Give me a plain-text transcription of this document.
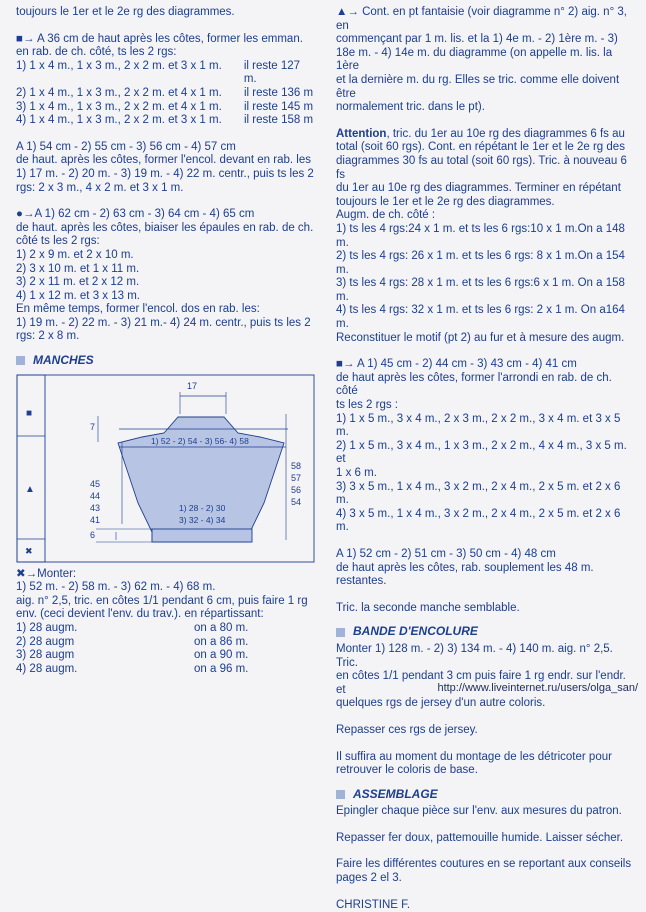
toujours le 1er et le 2e rg des diagrammes.

■→ A 36 cm de haut après les côtes, former les emman. en rab. de ch. côté, ts les 2 rgs:

1) 1 x 4 m., 1 x 3 m., 2 x 2 m. et 3 x 1 m.	il reste 127 m.
2) 1 x 4 m., 1 x 3 m., 2 x 2 m. et 4 x 1 m.	il reste 136 m
3) 1 x 4 m., 1 x 3 m., 2 x 2 m. et 4 x 1 m.	il reste 145 m
4) 1 x 4 m., 1 x 3 m., 2 x 2 m. et 3 x 1 m.	il reste 158 m

A 1) 54 cm - 2) 55 cm - 3) 56 cm - 4) 57 cm
de haut. après les côtes, former l'encol. devant en rab. les
1) 17 m. - 2) 20 m. - 3) 19 m. - 4) 22 m. centr., puis ts les 2
rgs: 2 x 3 m., 4 x 2 m. et 3 x 1 m.

●→A 1) 62 cm - 2) 63 cm - 3) 64 cm - 4) 65 cm
de haut. après les côtes, biaiser les épaules en rab. de ch.
côté ts les 2 rgs:

1) 2 x 9 m. et 2 x 10 m.

2) 3 x 10 m. et 1 x 11 m.

3) 2 x 11 m. et 2 x 12 m.

4) 1 x 12 m. et 3 x 13 m.

En même temps, former l'encol. dos en rab. les:
1) 19 m. - 2) 22 m. - 3) 21 m.- 4) 24 m. centr., puis ts les 2
rgs: 2 x 8 m.

MANCHES
17
7
1) 52 - 2) 54 - 3) 56- 4) 58
45
44
43
41
58
57
56
54
1) 28 - 2) 30
3) 32 - 4) 34
6
■
▲
✖

✖→Monter:

1) 52 m. - 2) 58 m. - 3) 62 m. - 4) 68 m.
aig. n° 2,5, tric. en côtes 1/1 pendant 6 cm, puis faire 1 rg
env. (ceci devient l'env. du trav.). en répartissant:

1) 28 augm.	on a 80 m.
2) 28 augm	on a 86 m.
3) 28 augm	on a 90 m.
4) 28 augm.	on a 96 m.

▲→ Cont. en pt fantaisie (voir diagramme n° 2) aig. n° 3, en
commençant par 1 m. lis. et la 1) 4e m. - 2) 1ère m. - 3)
18e m. - 4) 14e m. du diagramme (on appelle m. lis. la 1ère
et la dernière m. du rg. Elles se tric. comme elle doivent être
normalement tric. dans le pt).

Attention, tric. du 1er au 10e rg des diagrammes 6 fs au
total (soit 60 rgs). Cont. en répétant le 1er et le 2e rg des
diagrammes 30 fs au total (soit 60 rgs). Tric. à nouveau 6 fs
du 1er au 10e rg des diagrammes. Terminer en répétant
toujours le 1er et le 2e rg des diagrammes.
Augm. de ch. côté :

1) ts les 4 rgs:24 x 1 m. et ts les 6 rgs:10 x 1 m.On a 148 m.

2) ts les 4 rgs: 26 x 1 m. et ts les 6 rgs: 8 x 1 m.On a 154 m.

3) ts les 4 rgs: 28 x 1 m. et ts les 6 rgs:6 x 1 m. On a 158 m.

4) ts les 4 rgs: 32 x 1 m. et ts les 6 rgs: 2 x 1 m. On a164 m.

Reconstituer le motif (pt 2) au fur et à mesure des augm.

■→ A 1) 45 cm - 2) 44 cm - 3) 43 cm - 4) 41 cm
de haut après les côtes, former l'arrondi en rab. de ch. côté
ts les 2 rgs :

1) 1 x 5 m., 3 x 4 m., 2 x 3 m., 2 x 2 m., 3 x 4 m. et 3 x 5 m.

2) 1 x 5 m., 3 x 4 m., 1 x 3 m., 2 x 2 m., 4 x 4 m., 3 x 5 m. et
1 x 6 m.

3) 3 x 5 m., 1 x 4 m., 3 x 2 m., 2 x 4 m., 2 x 5 m. et 2 x 6 m.

4) 3 x 5 m., 1 x 4 m., 3 x 2 m., 2 x 4 m., 2 x 5 m. et 2 x 6 m.

A 1) 52 cm - 2) 51 cm - 3) 50 cm - 4) 48 cm
de haut après les côtes, rab. souplement les 48 m.
restantes.

Tric. la seconde manche semblable.

BANDE D'ENCOLURE

Monter 1) 128 m. - 2) 3) 134 m. - 4) 140 m. aig. n° 2,5. Tric.
en côtes 1/1 pendant 3 cm puis faire 1 rg endr. sur l'endr. et
quelques rgs de jersey d'un autre coloris.

Repasser ces rgs de jersey.

Il suffira au moment du montage de les détricoter pour
retrouver le coloris de base.

ASSEMBLAGE

Epingler chaque pièce sur l'env. aux mesures du patron.

Repasser fer doux, pattemouille humide. Laisser sécher.

Faire les différentes coutures en se reportant aux conseils
pages 2 el 3.

CHRISTINE F.

http://www.liveinternet.ru/users/olga_san/
